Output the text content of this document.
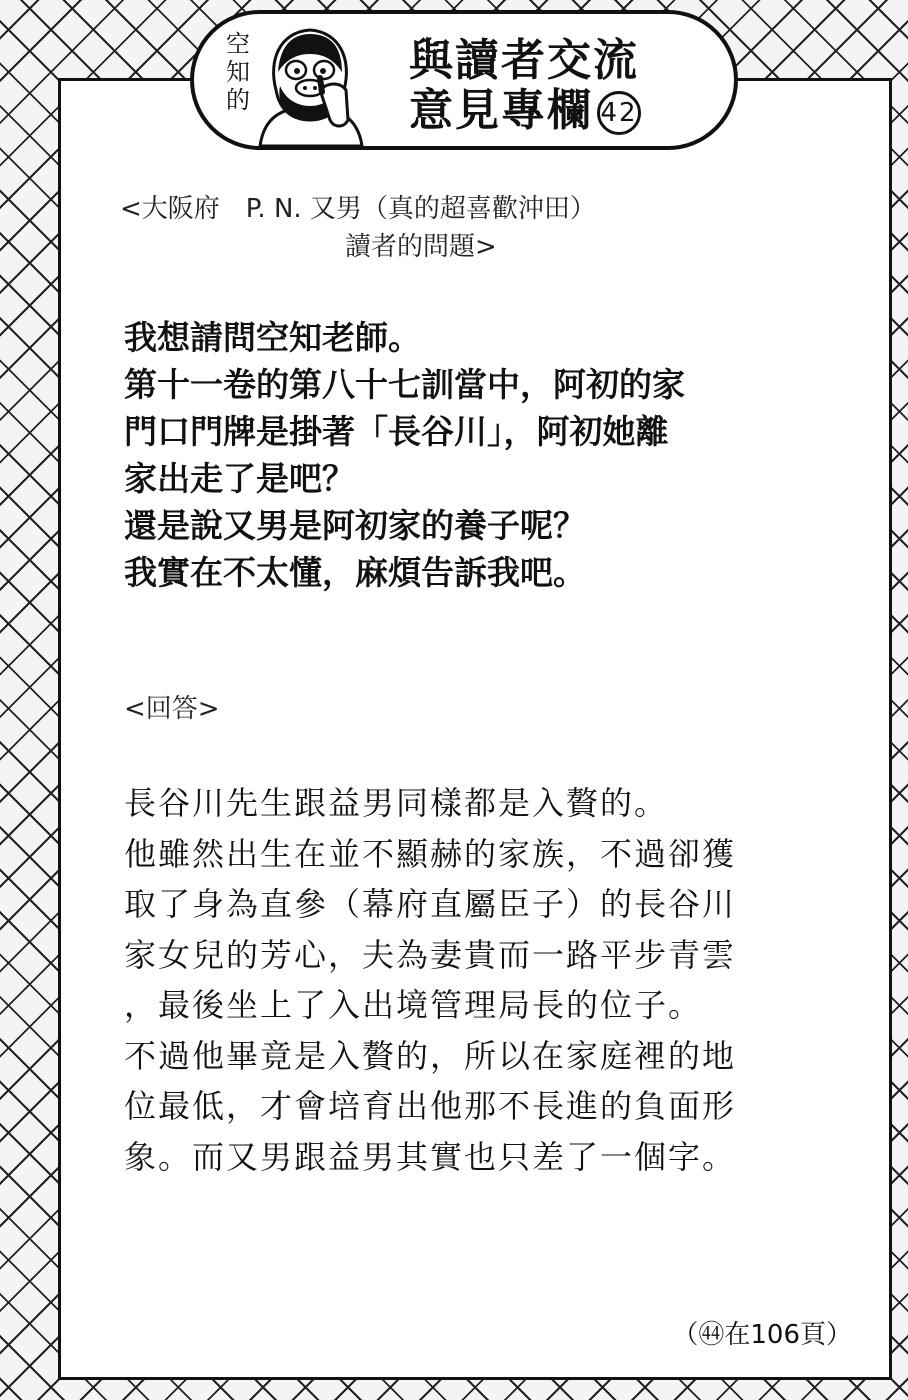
空知的
與讀者交流
意見專欄 42
<大阪府　P. N. 又男（真的超喜歡沖田）
讀者的問題>

我想請問空知老師。

第十一卷的第八十七訓當中，阿初的家

門口門牌是掛著「長谷川」，阿初她離

家出走了是吧？

還是說又男是阿初家的養子呢？

我實在不太懂，麻煩告訴我吧。

<回答>

長谷川先生跟益男同樣都是入贅的。

他雖然出生在並不顯赫的家族，不過卻獲

取了身為直參（幕府直屬臣子）的長谷川

家女兒的芳心，夫為妻貴而一路平步青雲

，最後坐上了入出境管理局長的位子。

不過他畢竟是入贅的，所以在家庭裡的地

位最低，才會培育出他那不長進的負面形

象。而又男跟益男其實也只差了一個字。

（㊹在106頁）
